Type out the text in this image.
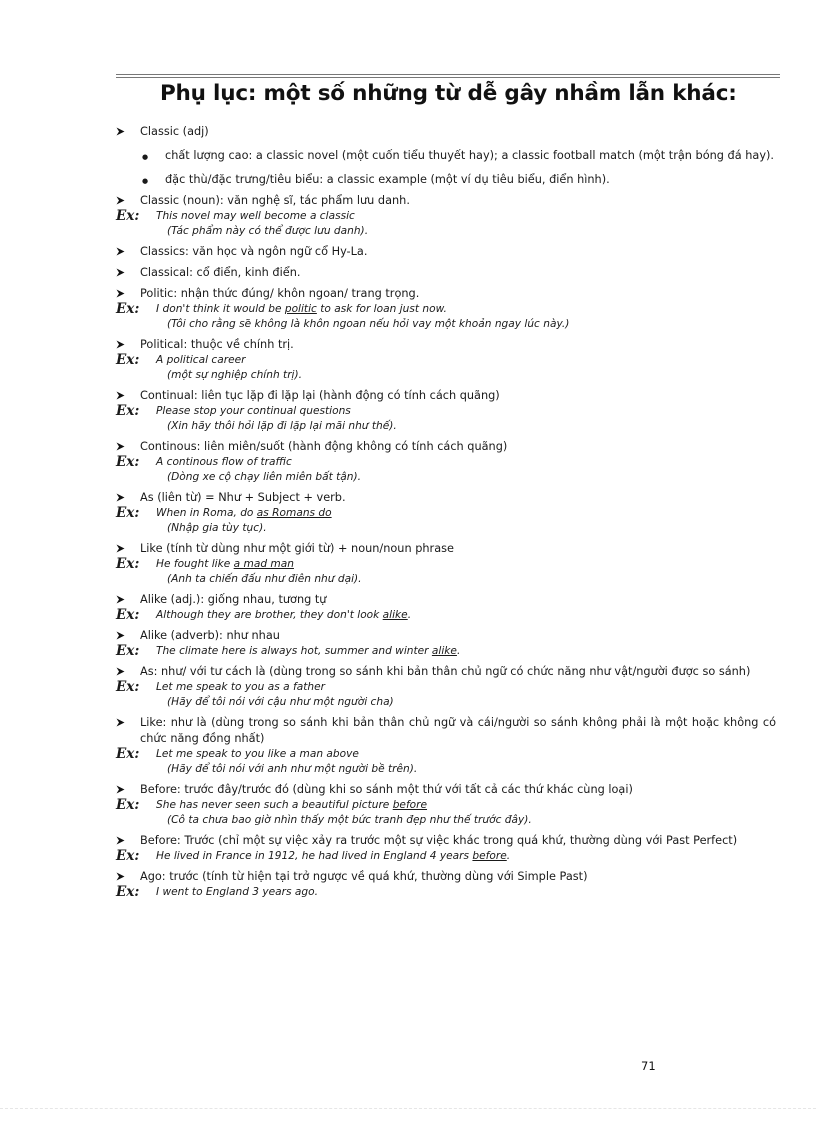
Phụ lục: một số những từ dễ gây nhầm lẫn khác:
Classic (adj)
● chất lượng cao: a classic novel (một cuốn tiểu thuyết hay); a classic football match (một trận bóng đá hay).
● đặc thù/đặc trưng/tiêu biểu: a classic example (một ví dụ tiêu biểu, điển hình).
Classic (noun): văn nghệ sĩ, tác phẩm lưu danh.
Ex: This novel may well become a classic
(Tác phẩm này có thể được lưu danh).
Classics: văn học và ngôn ngữ cổ Hy-La.
Classical: cổ điển, kinh điển.
Politic: nhận thức đúng/ khôn ngoan/ trang trọng.
Ex: I don't think it would be politic to ask for loan just now.
(Tôi cho rằng sẽ không là khôn ngoan nếu hỏi vay một khoản ngay lúc này.)
Political: thuộc về chính trị.
Ex: A political career
(một sự nghiệp chính trị).
Continual: liên tục lặp đi lặp lại (hành động có tính cách quãng)
Ex: Please stop your continual questions
(Xin hãy thôi hỏi lặp đi lặp lại mãi như thế).
Continous: liên miên/suốt (hành động không có tính cách quãng)
Ex: A continous flow of traffic
(Dòng xe cộ chạy liên miên bất tận).
As (liên từ) = Như + Subject + verb.
Ex: When in Roma, do as Romans do
(Nhập gia tùy tục).
Like (tính từ dùng như một giới từ) + noun/noun phrase
Ex: He fought like a mad man
(Anh ta chiến đấu như điên như dại).
Alike (adj.): giống nhau, tương tự
Ex: Although they are brother, they don't look alike.
Alike (adverb): như nhau
Ex: The climate here is always hot, summer and winter alike.
As: như/ với tư cách là (dùng trong so sánh khi bản thân chủ ngữ có chức năng như vật/người được so sánh)
Ex: Let me speak to you as a father
(Hãy để tôi nói với cậu như một người cha)
Like: như là (dùng trong so sánh khi bản thân chủ ngữ và cái/người so sánh không phải là một hoặc không có chức năng đồng nhất)
Ex: Let me speak to you like a man above
(Hãy để tôi nói với anh như một người bề trên).
Before: trước đây/trước đó (dùng khi so sánh một thứ với tất cả các thứ khác cùng loại)
Ex: She has never seen such a beautiful picture before
(Cô ta chưa bao giờ nhìn thấy một bức tranh đẹp như thế trước đây).
Before: Trước (chỉ một sự việc xảy ra trước một sự việc khác trong quá khứ, thường dùng với Past Perfect)
Ex: He lived in France in 1912, he had lived in England 4 years before.
Ago: trước (tính từ hiện tại trở ngược về quá khứ, thường dùng với Simple Past)
Ex: I went to England 3 years ago.
71
